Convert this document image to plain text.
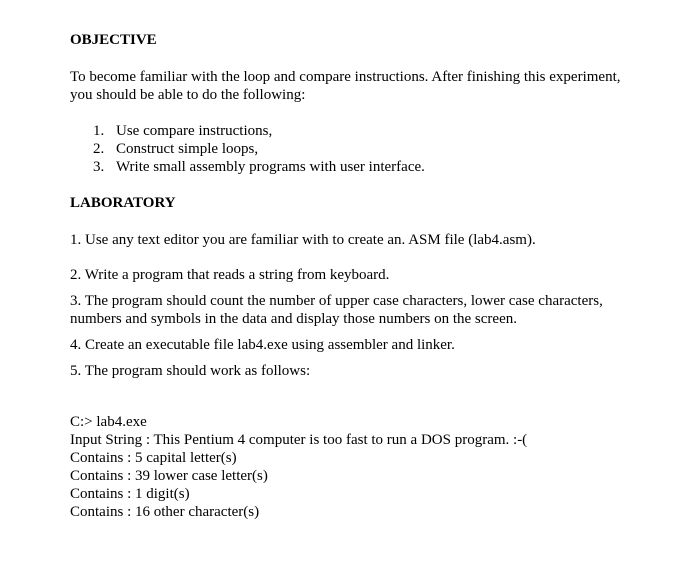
OBJECTIVE
To become familiar with the loop and compare instructions. After finishing this experiment,
you should be able to do the following:
1. Use compare instructions,
2. Construct simple loops,
3. Write small assembly programs with user interface.
LABORATORY
1. Use any text editor you are familiar with to create an. ASM file (lab4.asm).
2. Write a program that reads a string from keyboard.
3. The program should count the number of upper case characters, lower case characters,
numbers and symbols in the data and display those numbers on the screen.
4. Create an executable file lab4.exe using assembler and linker.
5. The program should work as follows:
C:> lab4.exe
Input String : This Pentium 4 computer is too fast to run a DOS program. :-(
Contains : 5 capital letter(s)
Contains : 39 lower case letter(s)
Contains : 1 digit(s)
Contains : 16 other character(s)
